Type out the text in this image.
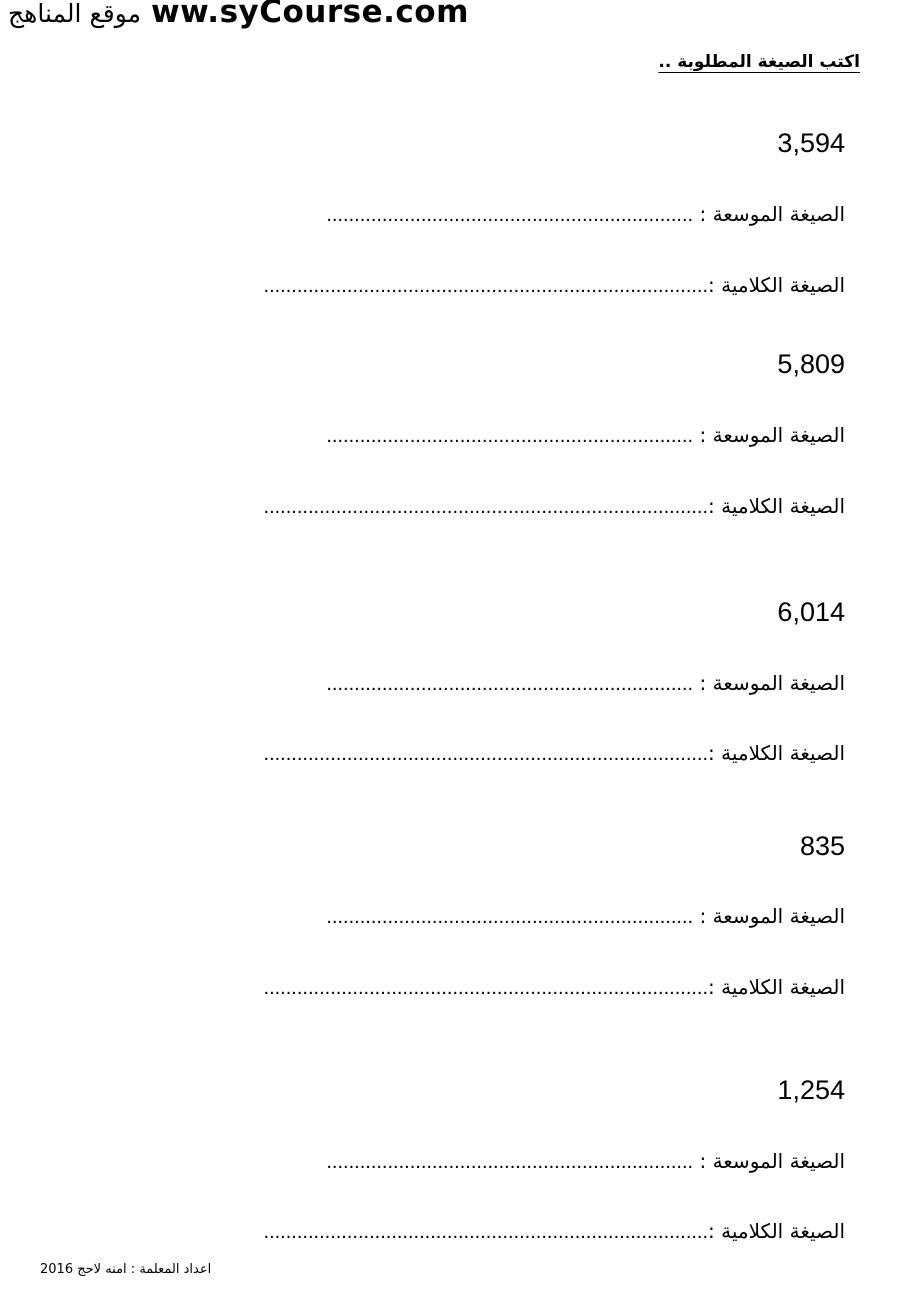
موقع المناهج ww.syCourse.com
اكتب الصيغة المطلوبة ..
3,594
الصيغة الموسعة : ..................................................................
الصيغة الكلامية :................................................................................
5,809
الصيغة الموسعة : ..................................................................
الصيغة الكلامية :................................................................................
6,014
الصيغة الموسعة : ..................................................................
الصيغة الكلامية :................................................................................
835
الصيغة الموسعة : ..................................................................
الصيغة الكلامية :................................................................................
1,254
الصيغة الموسعة : ..................................................................
الصيغة الكلامية :................................................................................
اعداد المعلمة : امنه لاحج 2016
